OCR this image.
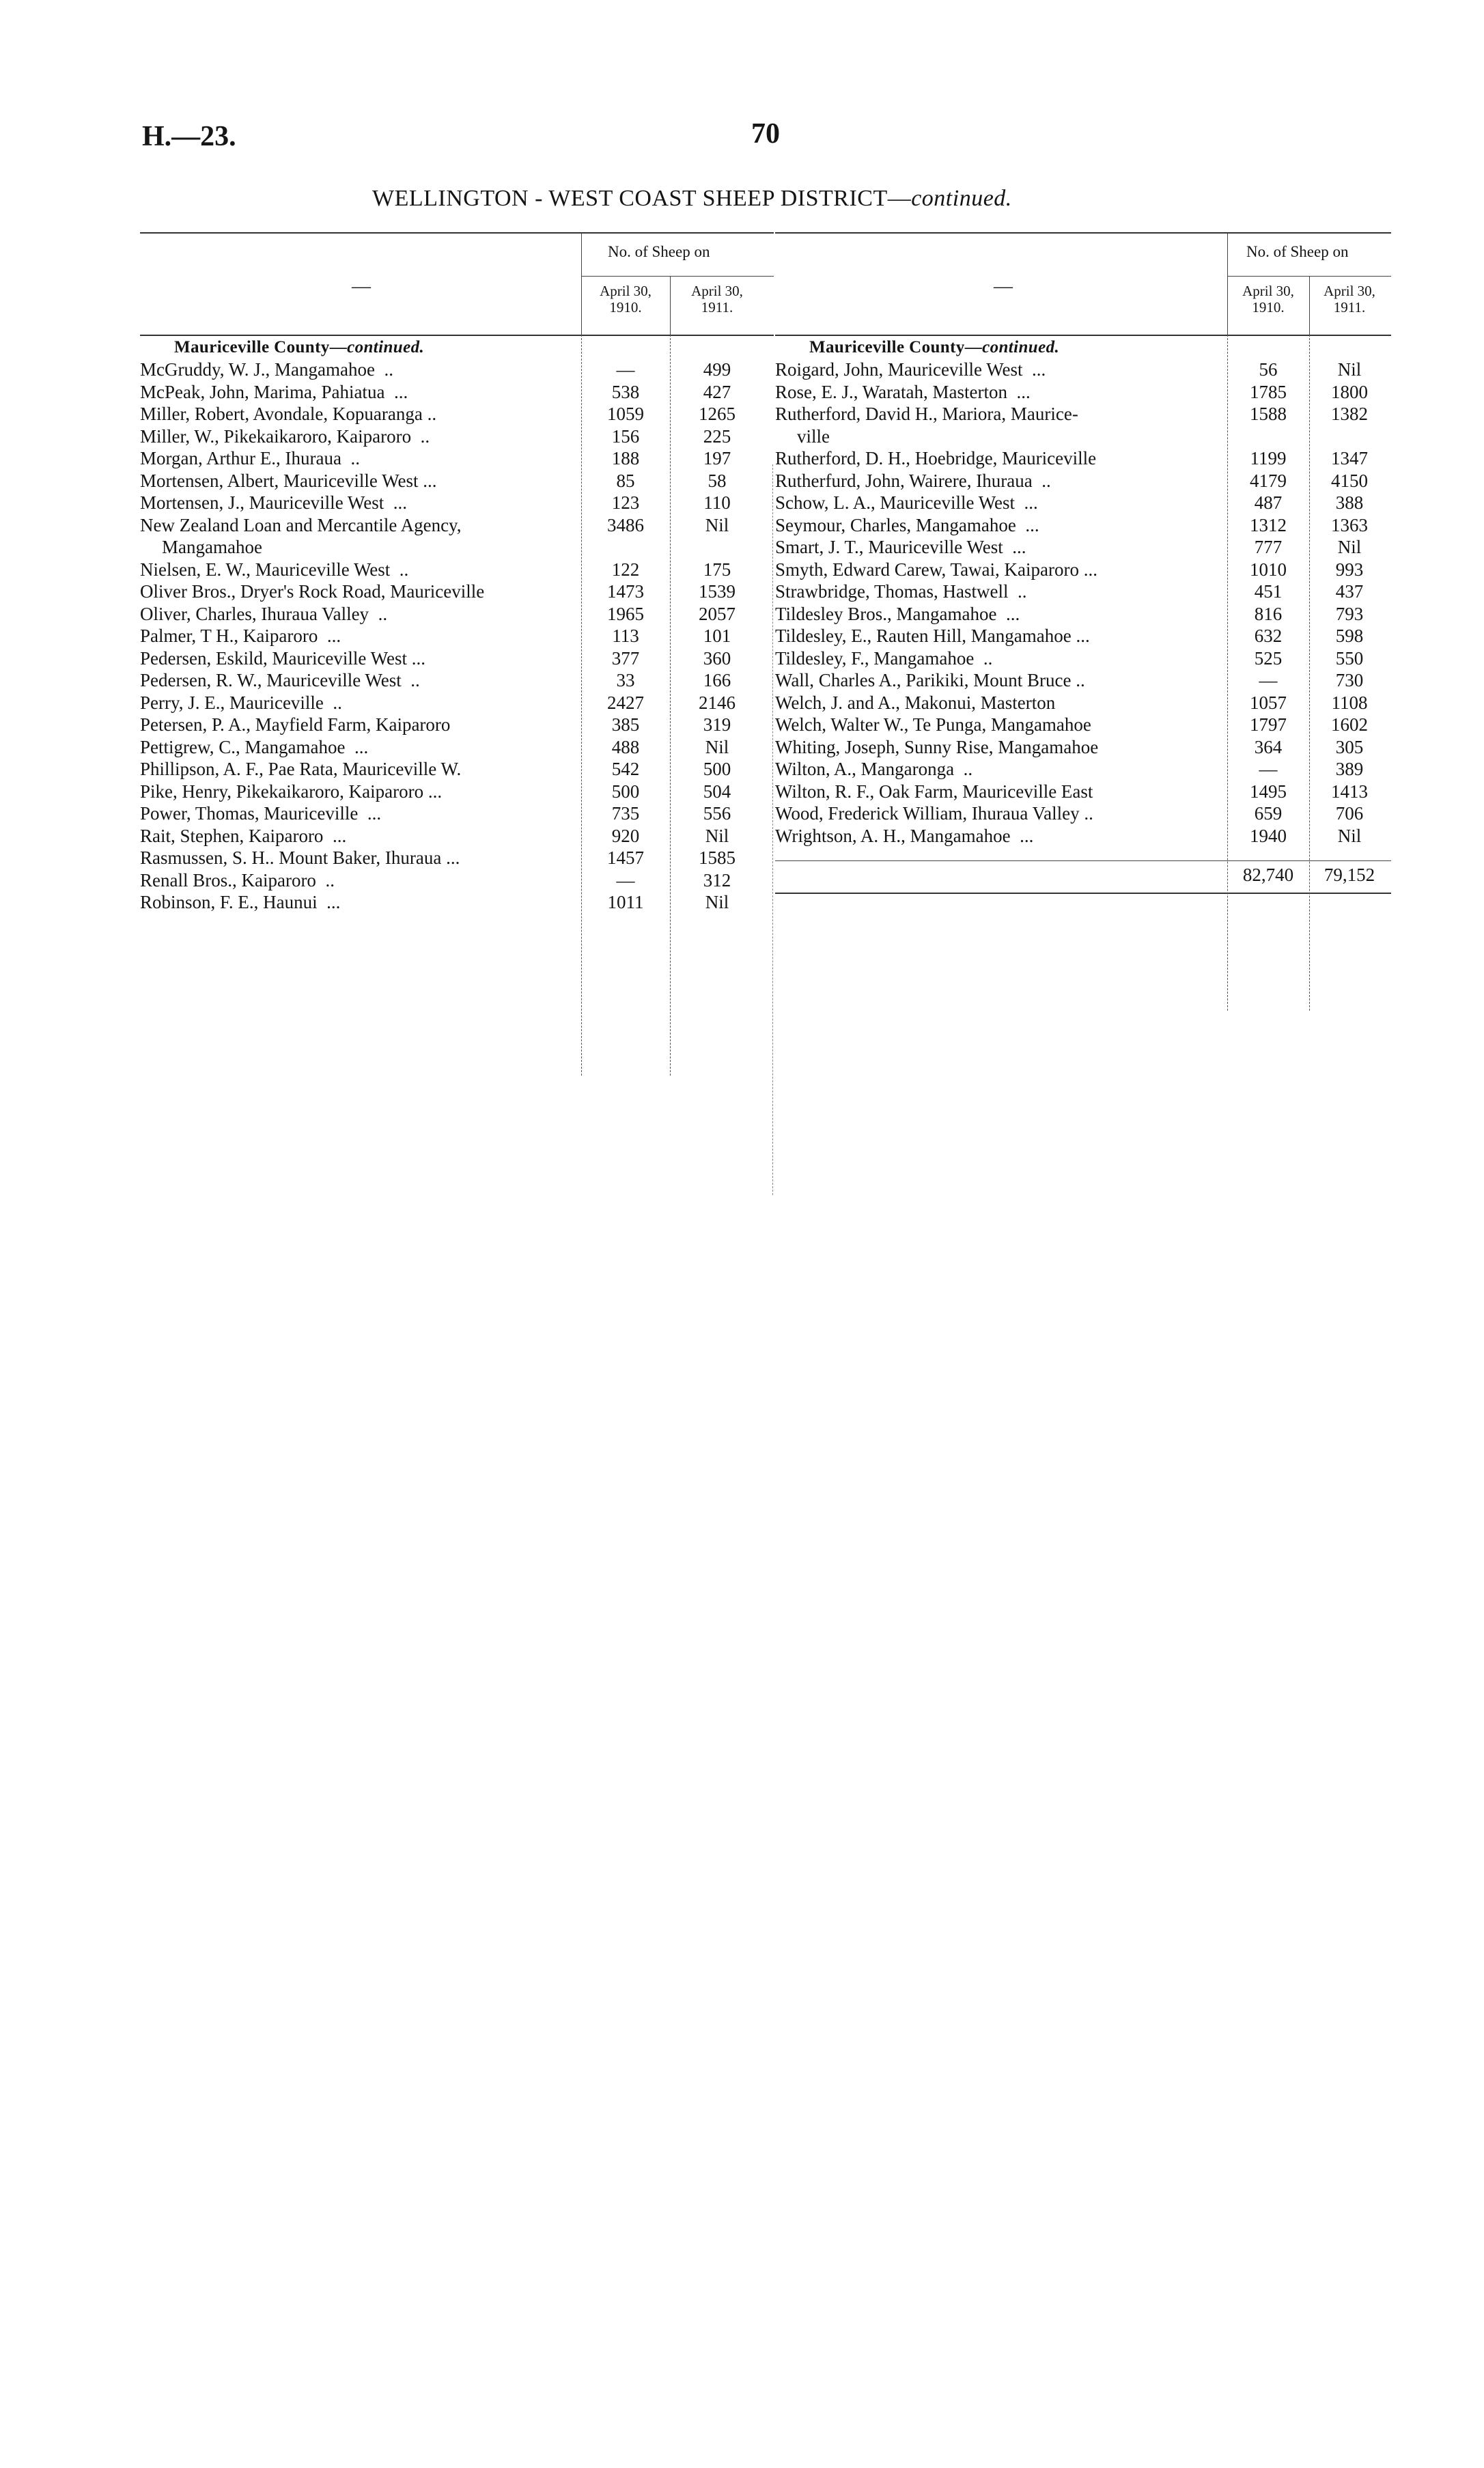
H.—23.	70
WELLINGTON - WEST COAST SHEEP DISTRICT—continued.
—
No. of Sheep on
April 30,
1910.
April 30,
1911.
Mauriceville County—continued.
McGruddy, W. J., Mangamahoe  ..	—	499
McPeak, John, Marima, Pahiatua  ...	538	427
Miller, Robert, Avondale, Kopuaranga ..	1059	1265
Miller, W., Pikekaikaroro, Kaiparoro  ..	156	225
Morgan, Arthur E., Ihuraua  ..	188	197
Mortensen, Albert, Mauriceville West ...	85	58
Mortensen, J., Mauriceville West  ...	123	110
New Zealand Loan and Mercantile Agency,	3486	Nil
Mangamahoe
Nielsen, E. W., Mauriceville West  ..	122	175
Oliver Bros., Dryer's Rock Road, Mauriceville	1473	1539
Oliver, Charles, Ihuraua Valley  ..	1965	2057
Palmer, T H., Kaiparoro  ...	113	101
Pedersen, Eskild, Mauriceville West ...	377	360
Pedersen, R. W., Mauriceville West  ..	33	166
Perry, J. E., Mauriceville  ..	2427	2146
Petersen, P. A., Mayfield Farm, Kaiparoro	385	319
Pettigrew, C., Mangamahoe  ...	488	Nil
Phillipson, A. F., Pae Rata, Mauriceville W.	542	500
Pike, Henry, Pikekaikaroro, Kaiparoro ...	500	504
Power, Thomas, Mauriceville  ...	735	556
Rait, Stephen, Kaiparoro  ...	920	Nil
Rasmussen, S. H.. Mount Baker, Ihuraua ...	1457	1585
Renall Bros., Kaiparoro  ..	—	312
Robinson, F. E., Haunui  ...	1011	Nil
—
No. of Sheep on
April 30,
1910.
April 30,
1911.
Mauriceville County—continued.
Roigard, John, Mauriceville West  ...	56	Nil
Rose, E. J., Waratah, Masterton  ...	1785	1800
Rutherford, David H., Mariora, Maurice-	1588	1382
ville
Rutherford, D. H., Hoebridge, Mauriceville	1199	1347
Rutherfurd, John, Wairere, Ihuraua  ..	4179	4150
Schow, L. A., Mauriceville West  ...	487	388
Seymour, Charles, Mangamahoe  ...	1312	1363
Smart, J. T., Mauriceville West  ...	777	Nil
Smyth, Edward Carew, Tawai, Kaiparoro ...	1010	993
Strawbridge, Thomas, Hastwell  ..	451	437
Tildesley Bros., Mangamahoe  ...	816	793
Tildesley, E., Rauten Hill, Mangamahoe ...	632	598
Tildesley, F., Mangamahoe  ..	525	550
Wall, Charles A., Parikiki, Mount Bruce ..	—	730
Welch, J. and A., Makonui, Masterton	1057	1108
Welch, Walter W., Te Punga, Mangamahoe	1797	1602
Whiting, Joseph, Sunny Rise, Mangamahoe	364	305
Wilton, A., Mangaronga  ..	—	389
Wilton, R. F., Oak Farm, Mauriceville East	1495	1413
Wood, Frederick William, Ihuraua Valley ..	659	706
Wrightson, A. H., Mangamahoe  ...	1940	Nil
82,740	79,152
